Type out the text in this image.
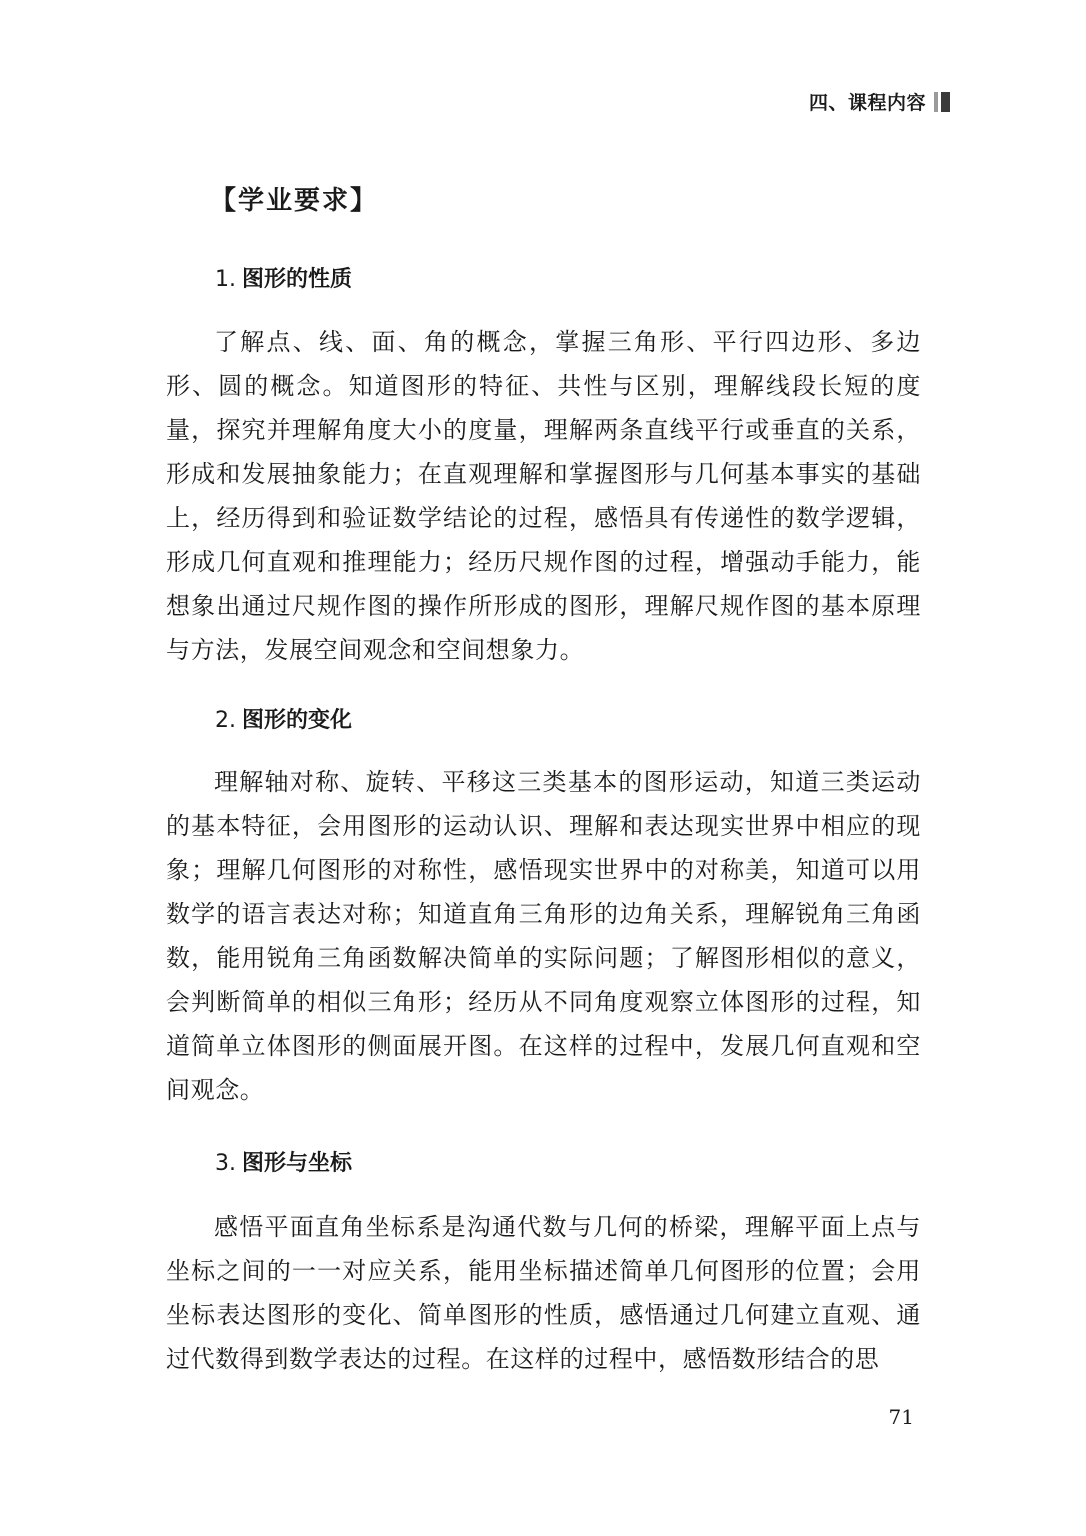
四、课程内容
【学业要求】
1. 图形的性质

了解点、线、面、角的概念，掌握三角形、平行四边形、多边形、圆的概念。知道图形的特征、共性与区别，理解线段长短的度量，探究并理解角度大小的度量，理解两条直线平行或垂直的关系，形成和发展抽象能力；在直观理解和掌握图形与几何基本事实的基础上，经历得到和验证数学结论的过程，感悟具有传递性的数学逻辑，形成几何直观和推理能力；经历尺规作图的过程，增强动手能力，能想象出通过尺规作图的操作所形成的图形，理解尺规作图的基本原理与方法，发展空间观念和空间想象力。

2. 图形的变化

理解轴对称、旋转、平移这三类基本的图形运动，知道三类运动的基本特征，会用图形的运动认识、理解和表达现实世界中相应的现象；理解几何图形的对称性，感悟现实世界中的对称美，知道可以用数学的语言表达对称；知道直角三角形的边角关系，理解锐角三角函数，能用锐角三角函数解决简单的实际问题；了解图形相似的意义，会判断简单的相似三角形；经历从不同角度观察立体图形的过程，知道简单立体图形的侧面展开图。在这样的过程中，发展几何直观和空间观念。

3. 图形与坐标

感悟平面直角坐标系是沟通代数与几何的桥梁，理解平面上点与坐标之间的一一对应关系，能用坐标描述简单几何图形的位置；会用坐标表达图形的变化、简单图形的性质，感悟通过几何建立直观、通过代数得到数学表达的过程。在这样的过程中，感悟数形结合的思

71
